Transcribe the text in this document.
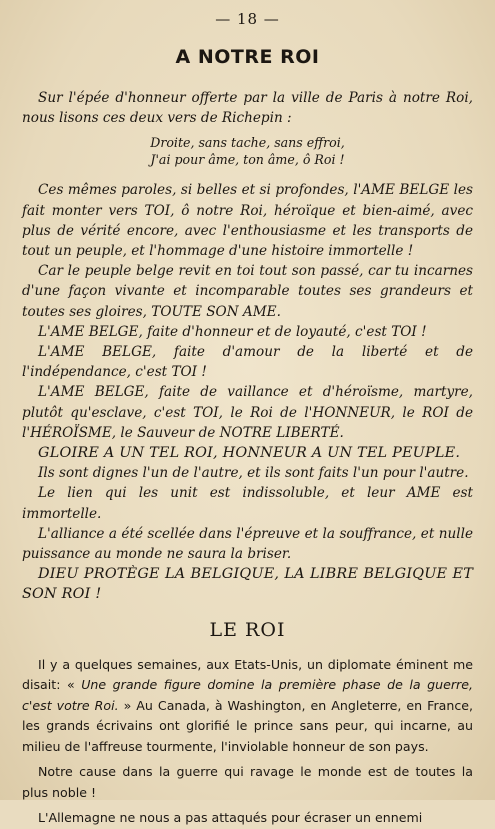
— 18 —
A NOTRE ROI

Sur l'épée d'honneur offerte par la ville de Paris à notre Roi, nous lisons ces deux vers de Richepin :

Droite, sans tache, sans effroi,
J'ai pour âme, ton âme, ô Roi !

Ces mêmes paroles, si belles et si profondes, l'AME BELGE les fait monter vers TOI, ô notre Roi, héroïque et bien-aimé, avec plus de vérité encore, avec l'enthousiasme et les transports de tout un peuple, et l'hommage d'une histoire immortelle !

Car le peuple belge revit en toi tout son passé, car tu incarnes d'une façon vivante et incomparable toutes ses grandeurs et toutes ses gloires, TOUTE SON AME.

L'AME BELGE, faite d'honneur et de loyauté, c'est TOI !

L'AME BELGE, faite d'amour de la liberté et de l'indépendance, c'est TOI !

L'AME BELGE, faite de vaillance et d'héroïsme, martyre, plutôt qu'esclave, c'est TOI, le Roi de l'HONNEUR, le ROI de l'HÉROÏSME, le Sauveur de NOTRE LIBERTÉ.

GLOIRE A UN TEL ROI, HONNEUR A UN TEL PEUPLE.

Ils sont dignes l'un de l'autre, et ils sont faits l'un pour l'autre.

Le lien qui les unit est indissoluble, et leur AME est immortelle.

L'alliance a été scellée dans l'épreuve et la souffrance, et nulle puissance au monde ne saura la briser.

DIEU PROTÈGE LA BELGIQUE, LA LIBRE BELGIQUE ET SON ROI !

LE ROI

Il y a quelques semaines, aux Etats-Unis, un diplomate éminent me disait: « Une grande figure domine la première phase de la guerre, c'est votre Roi. » Au Canada, à Washington, en Angleterre, en France, les grands écrivains ont glorifié le prince sans peur, qui incarne, au milieu de l'affreuse tourmente, l'inviolable honneur de son pays.

Notre cause dans la guerre qui ravage le monde est de toutes la plus noble !

L'Allemagne ne nous a pas attaqués pour écraser un ennemi
